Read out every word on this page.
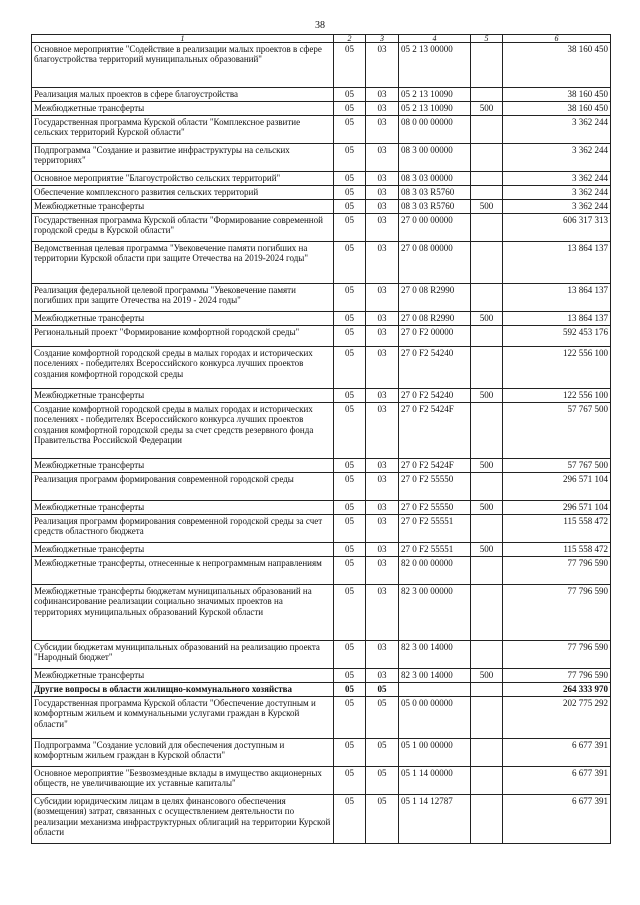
38
1	2	3	4	5	6
Основное мероприятие "Содействие в реализации малых проектов в сфере благоустройства территорий муниципальных образований"	05	03	05 2 13 00000		38 160 450
Реализация малых проектов в сфере благоустройства	05	03	05 2 13 10090		38 160 450
Межбюджетные трансферты	05	03	05 2 13 10090	500	38 160 450
Государственная программа Курской области "Комплексное развитие сельских территорий Курской области"	05	03	08 0 00 00000		3 362 244
Подпрограмма "Создание и развитие инфраструктуры на сельских территориях"	05	03	08 3 00 00000		3 362 244
Основное мероприятие "Благоустройство сельских территорий"	05	03	08 3 03 00000		3 362 244
Обеспечение комплексного развития сельских территорий	05	03	08 3 03 R5760		3 362 244
Межбюджетные трансферты	05	03	08 3 03 R5760	500	3 362 244
Государственная программа Курской области "Формирование современной городской среды в Курской области"	05	03	27 0 00 00000		606 317 313
Ведомственная целевая программа "Увековечение памяти погибших на территории Курской области при защите Отечества на 2019-2024 годы"	05	03	27 0 08 00000		13 864 137
Реализация федеральной целевой программы "Увековечение памяти погибших при защите Отечества на 2019 - 2024 годы"	05	03	27 0 08 R2990		13 864 137
Межбюджетные трансферты	05	03	27 0 08 R2990	500	13 864 137
Региональный проект "Формирование комфортной городской среды"	05	03	27 0 F2 00000		592 453 176
Создание комфортной городской среды в малых городах и исторических поселениях - победителях Всероссийского конкурса лучших проектов создания комфортной городской среды	05	03	27 0 F2 54240		122 556 100
Межбюджетные трансферты	05	03	27 0 F2 54240	500	122 556 100
Создание комфортной городской среды в малых городах и исторических поселениях - победителях Всероссийского конкурса лучших проектов создания комфортной городской среды за счет средств резервного фонда Правительства Российской Федерации	05	03	27 0 F2 5424F		57 767 500
Межбюджетные трансферты	05	03	27 0 F2 5424F	500	57 767 500
Реализация программ формирования современной городской среды	05	03	27 0 F2 55550		296 571 104
Межбюджетные трансферты	05	03	27 0 F2 55550	500	296 571 104
Реализация программ формирования современной городской среды за счет средств областного бюджета	05	03	27 0 F2 55551		115 558 472
Межбюджетные трансферты	05	03	27 0 F2 55551	500	115 558 472
Межбюджетные трансферты, отнесенные к непрограммным направлениям	05	03	82 0 00 00000		77 796 590
Межбюджетные трансферты бюджетам муниципальных образований на софинансирование реализации социально значимых проектов на территориях муниципальных образований Курской области	05	03	82 3 00 00000		77 796 590
Субсидии бюджетам муниципальных образований на реализацию проекта "Народный бюджет"	05	03	82 3 00 14000		77 796 590
Межбюджетные трансферты	05	03	82 3 00 14000	500	77 796 590
Другие вопросы в области жилищно-коммунального хозяйства	05	05			264 333 970
Государственная программа Курской области "Обеспечение доступным и комфортным жильем и коммунальными услугами граждан в Курской области"	05	05	05 0 00 00000		202 775 292
Подпрограмма "Создание условий для обеспечения доступным и комфортным жильем граждан в Курской области"	05	05	05 1 00 00000		6 677 391
Основное мероприятие "Безвозмездные вклады в имущество акционерных обществ, не увеличивающие их уставные капиталы"	05	05	05 1 14 00000		6 677 391
Субсидии юридическим лицам в целях финансового обеспечения (возмещения) затрат, связанных с осуществлением деятельности по реализации механизма инфраструктурных облигаций на территории Курской области	05	05	05 1 14 12787		6 677 391
